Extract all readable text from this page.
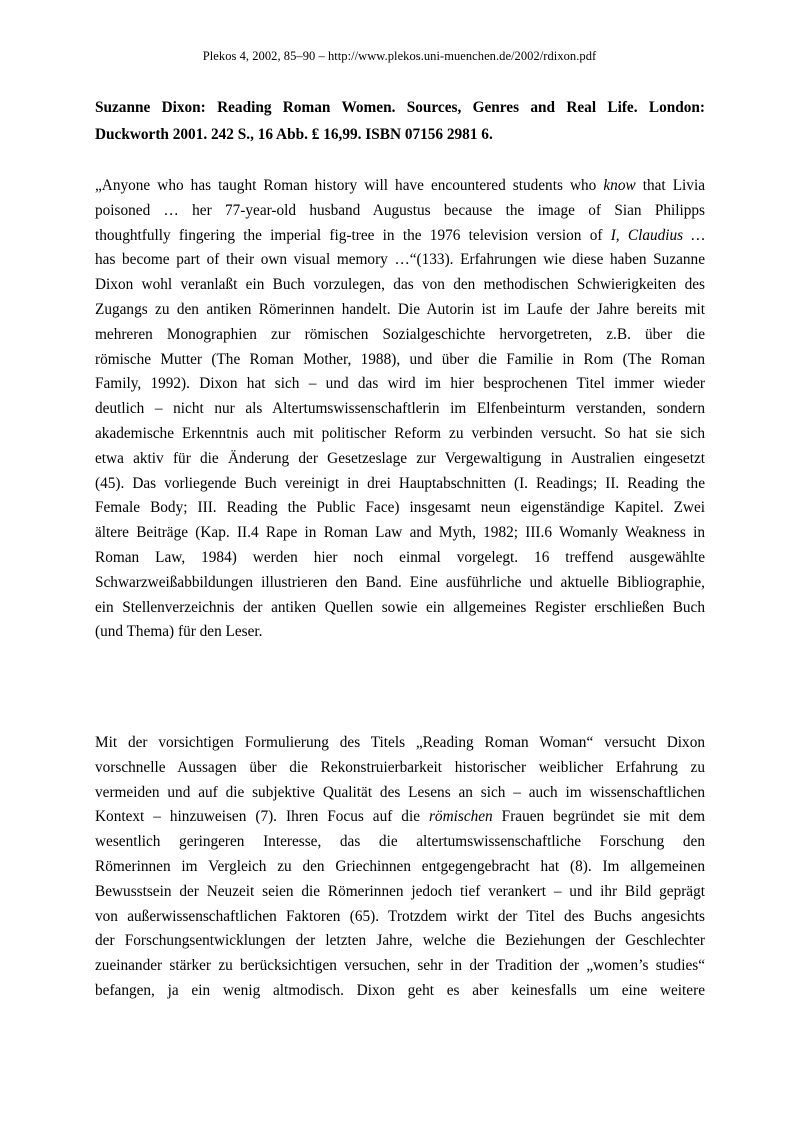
Plekos 4, 2002, 85–90 – http://www.plekos.uni-muenchen.de/2002/rdixon.pdf
Suzanne Dixon: Reading Roman Women. Sources, Genres and Real Life. London:
Duckworth 2001. 242 S., 16 Abb. ₤ 16,99. ISBN 07156 2981 6.
„Anyone who has taught Roman history will have encountered students who know that Livia
poisoned … her 77-year-old husband Augustus because the image of Sian Philipps
thoughtfully fingering the imperial fig-tree in the 1976 television version of I, Claudius …
has become part of their own visual memory …“(133). Erfahrungen wie diese haben Suzanne
Dixon wohl veranlaßt ein Buch vorzulegen, das von den methodischen Schwierigkeiten des
Zugangs zu den antiken Römerinnen handelt. Die Autorin ist im Laufe der Jahre bereits mit
mehreren Monographien zur römischen Sozialgeschichte hervorgetreten, z.B. über die
römische Mutter (The Roman Mother, 1988), und über die Familie in Rom (The Roman
Family, 1992). Dixon hat sich – und das wird im hier besprochenen Titel immer wieder
deutlich – nicht nur als Altertumswissenschaftlerin im Elfenbeinturm verstanden, sondern
akademische Erkenntnis auch mit politischer Reform zu verbinden versucht. So hat sie sich
etwa aktiv für die Änderung der Gesetzeslage zur Vergewaltigung in Australien eingesetzt
(45). Das vorliegende Buch vereinigt in drei Hauptabschnitten (I. Readings; II. Reading the
Female Body; III. Reading the Public Face) insgesamt neun eigenständige Kapitel. Zwei
ältere Beiträge (Kap. II.4 Rape in Roman Law and Myth, 1982; III.6 Womanly Weakness in
Roman Law, 1984) werden hier noch einmal vorgelegt. 16 treffend ausgewählte
Schwarzweißabbildungen illustrieren den Band. Eine ausführliche und aktuelle Bibliographie,
ein Stellenverzeichnis der antiken Quellen sowie ein allgemeines Register erschließen Buch
(und Thema) für den Leser.
Mit der vorsichtigen Formulierung des Titels „Reading Roman Woman“ versucht Dixon
vorschnelle Aussagen über die Rekonstruierbarkeit historischer weiblicher Erfahrung zu
vermeiden und auf die subjektive Qualität des Lesens an sich – auch im wissenschaftlichen
Kontext – hinzuweisen (7). Ihren Focus auf die römischen Frauen begründet sie mit dem
wesentlich geringeren Interesse, das die altertumswissenschaftliche Forschung den
Römerinnen im Vergleich zu den Griechinnen entgegengebracht hat (8). Im allgemeinen
Bewusstsein der Neuzeit seien die Römerinnen jedoch tief verankert – und ihr Bild geprägt
von außerwissenschaftlichen Faktoren (65). Trotzdem wirkt der Titel des Buchs angesichts
der Forschungsentwicklungen der letzten Jahre, welche die Beziehungen der Geschlechter
zueinander stärker zu berücksichtigen versuchen, sehr in der Tradition der „women’s studies“
befangen, ja ein wenig altmodisch. Dixon geht es aber keinesfalls um eine weitere
